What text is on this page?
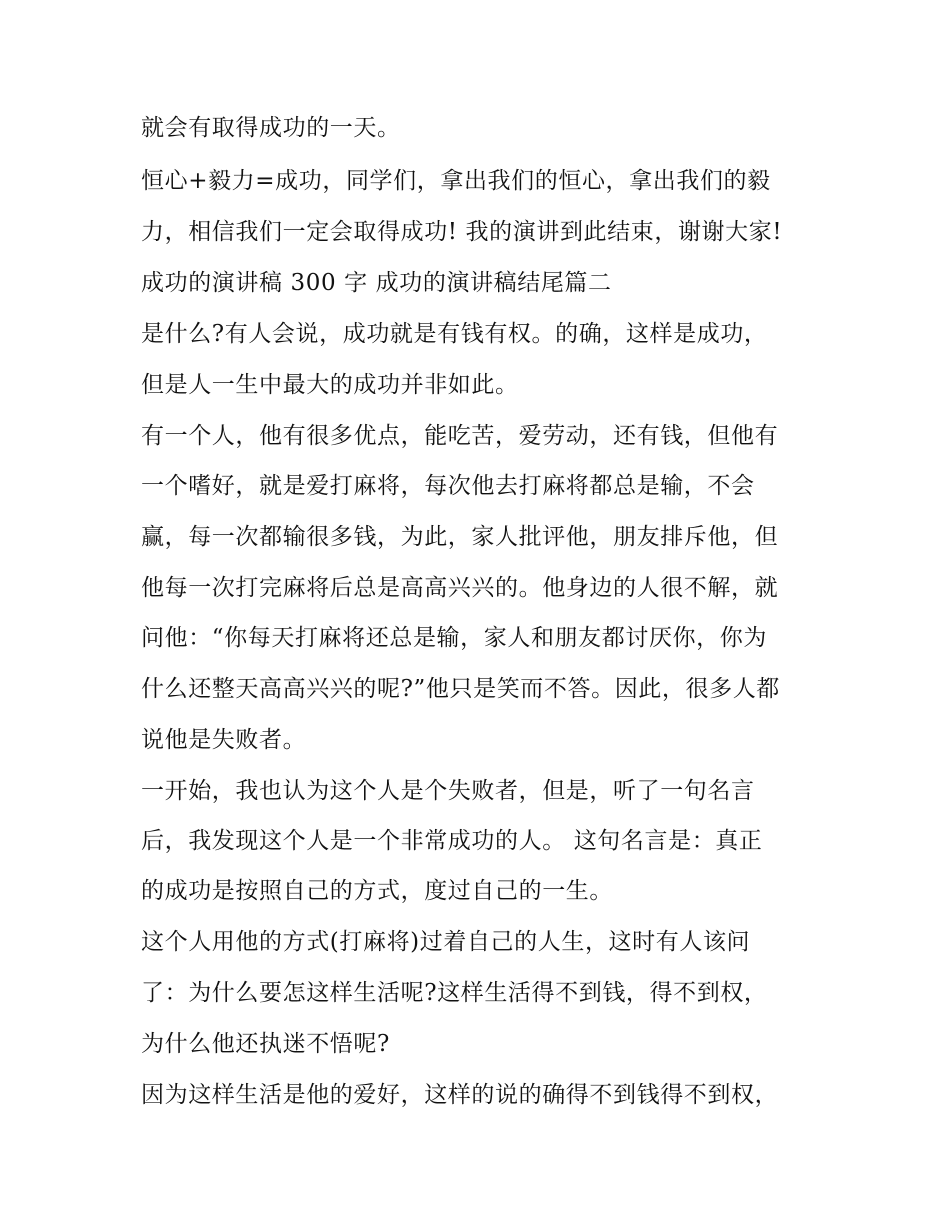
就会有取得成功的一天。
恒心+毅力=成功，同学们，拿出我们的恒心，拿出我们的毅
力，相信我们一定会取得成功! 我的演讲到此结束，谢谢大家!
成功的演讲稿 300 字 成功的演讲稿结尾篇二
是什么?有人会说，成功就是有钱有权。的确，这样是成功，
但是人一生中最大的成功并非如此。
有一个人，他有很多优点，能吃苦，爱劳动，还有钱，但他有
一个嗜好，就是爱打麻将，每次他去打麻将都总是输，不会
赢，每一次都输很多钱，为此，家人批评他，朋友排斥他，但
他每一次打完麻将后总是高高兴兴的。他身边的人很不解，就
问他：“你每天打麻将还总是输，家人和朋友都讨厌你，你为
什么还整天高高兴兴的呢?”他只是笑而不答。因此，很多人都
说他是失败者。
一开始，我也认为这个人是个失败者，但是，听了一句名言
后，我发现这个人是一个非常成功的人。 这句名言是：真正
的成功是按照自己的方式，度过自己的一生。
这个人用他的方式(打麻将)过着自己的人生，这时有人该问
了：为什么要怎这样生活呢?这样生活得不到钱，得不到权，
为什么他还执迷不悟呢?
因为这样生活是他的爱好，这样的说的确得不到钱得不到权，
